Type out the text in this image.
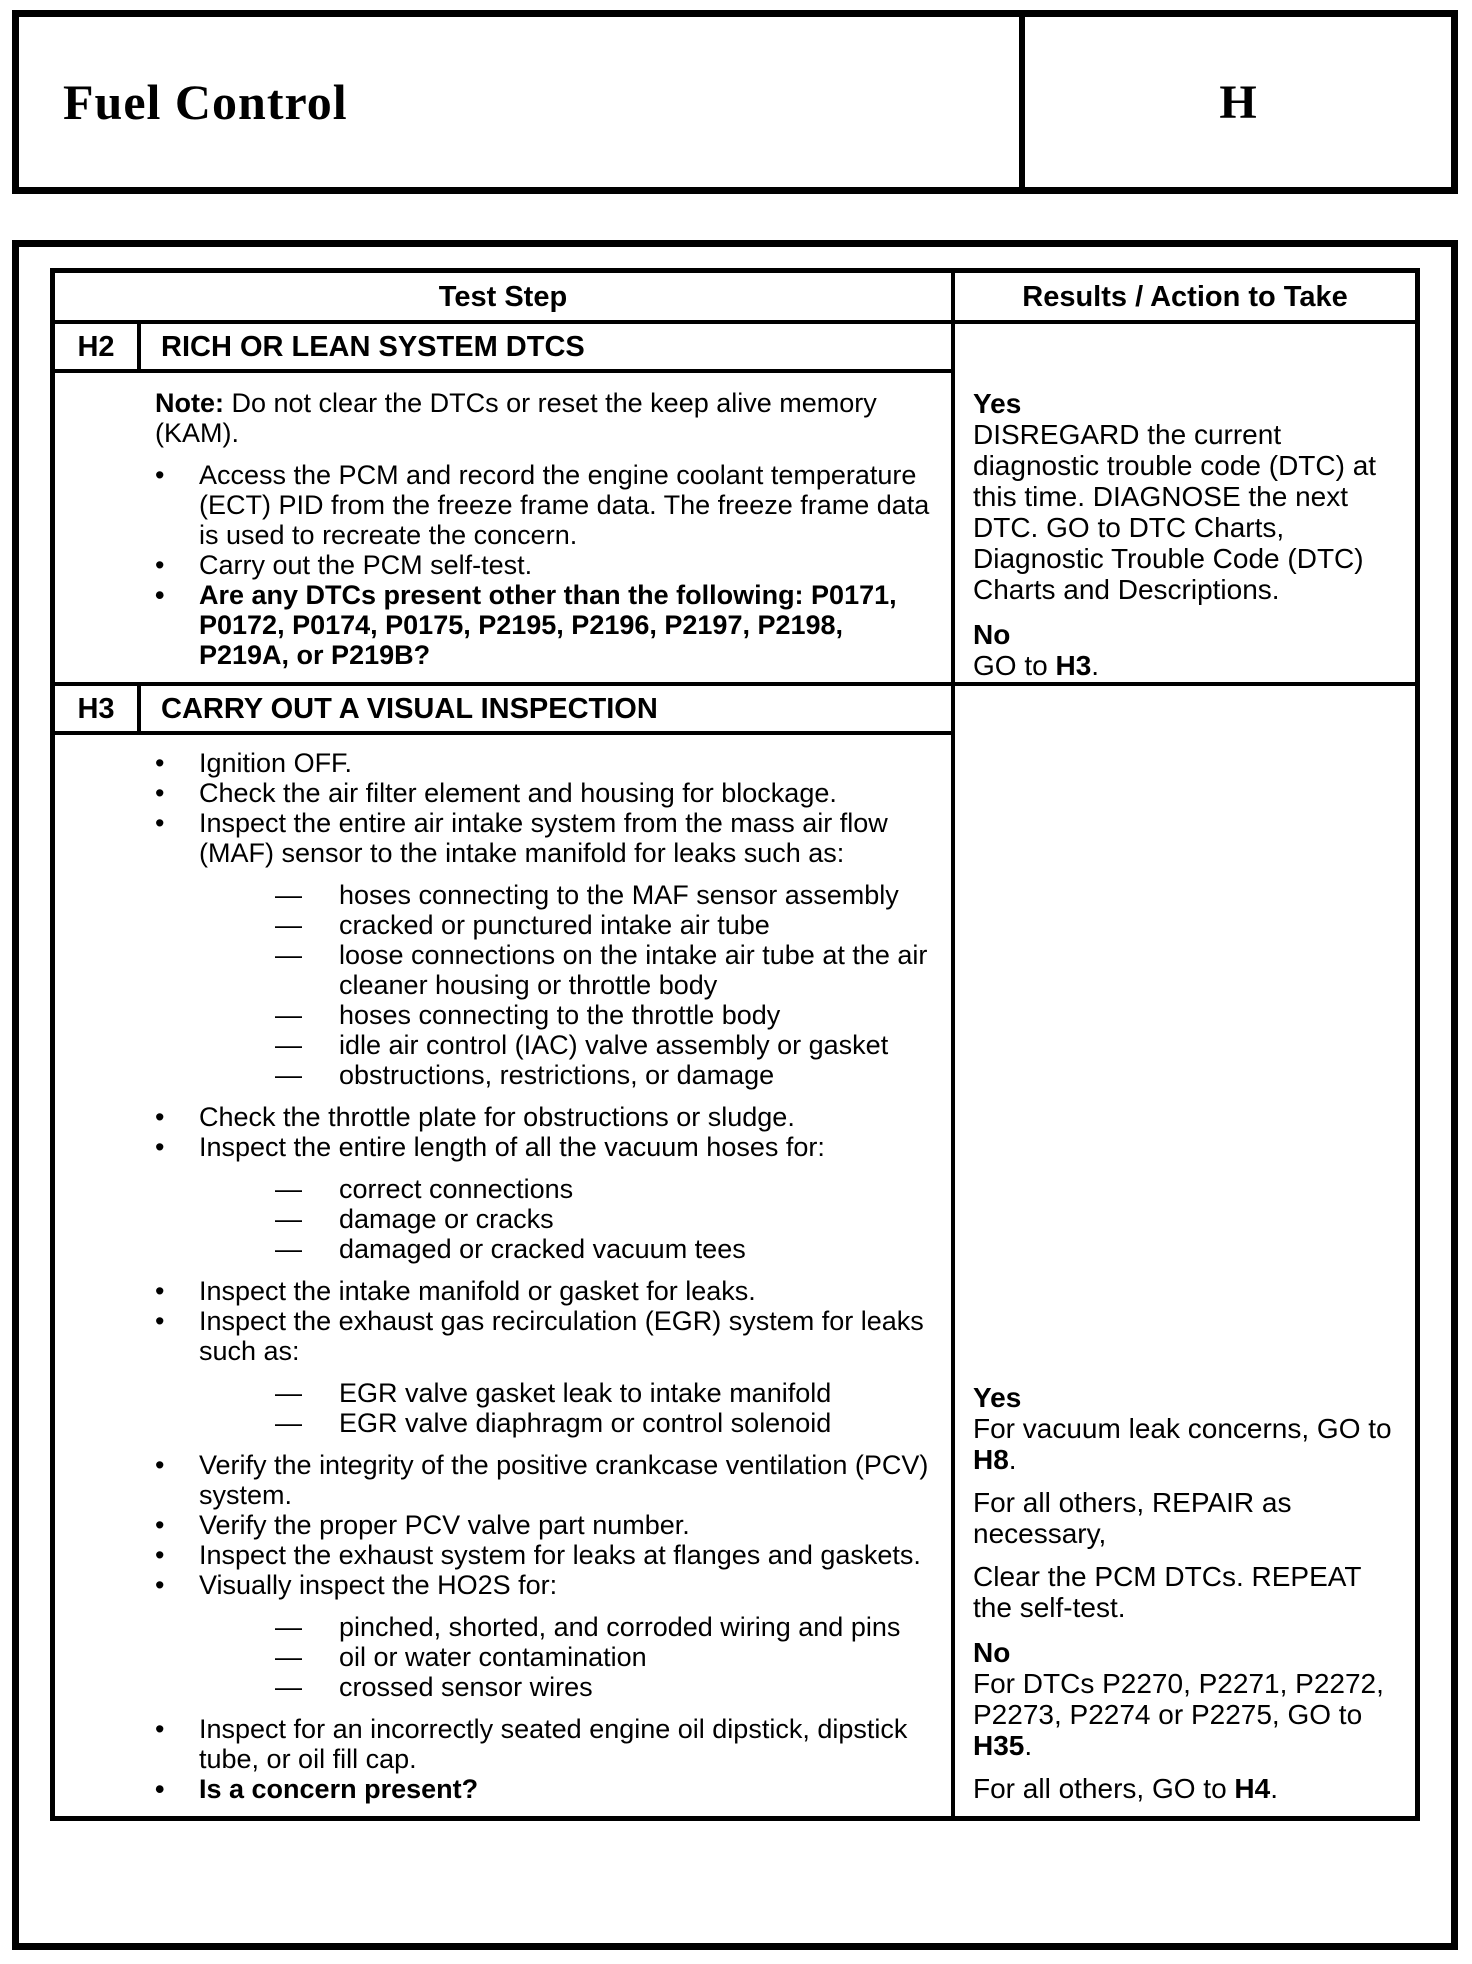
Fuel Control	H
Test Step	Results / Action to Take
H2	RICH OR LEAN SYSTEM DTCS

Note: Do not clear the DTCs or reset the keep alive memory (KAM).

•	Access the PCM and record the engine coolant temperature (ECT) PID from the freeze frame data. The freeze frame data is used to recreate the concern.
•	Carry out the PCM self-test.
•	Are any DTCs present other than the following: P0171, P0172, P0174, P0175, P2195, P2196, P2197, P2198, P219A, or P219B?

Yes

DISREGARD the current diagnostic trouble code (DTC) at this time. DIAGNOSE the next DTC. GO to DTC Charts, Diagnostic Trouble Code (DTC) Charts and Descriptions.

No

GO to H3.

H3	CARRY OUT A VISUAL INSPECTION
•	Ignition OFF.
•	Check the air filter element and housing for blockage.
•	Inspect the entire air intake system from the mass air flow (MAF) sensor to the intake manifold for leaks such as:
—	hoses connecting to the MAF sensor assembly
—	cracked or punctured intake air tube
—	loose connections on the intake air tube at the air cleaner housing or throttle body
—	hoses connecting to the throttle body
—	idle air control (IAC) valve assembly or gasket
—	obstructions, restrictions, or damage
•	Check the throttle plate for obstructions or sludge.
•	Inspect the entire length of all the vacuum hoses for:
—	correct connections
—	damage or cracks
—	damaged or cracked vacuum tees
•	Inspect the intake manifold or gasket for leaks.
•	Inspect the exhaust gas recirculation (EGR) system for leaks such as:
—	EGR valve gasket leak to intake manifold
—	EGR valve diaphragm or control solenoid
•	Verify the integrity of the positive crankcase ventilation (PCV) system.
•	Verify the proper PCV valve part number.
•	Inspect the exhaust system for leaks at flanges and gaskets.
•	Visually inspect the HO2S for:
—	pinched, shorted, and corroded wiring and pins
—	oil or water contamination
—	crossed sensor wires
•	Inspect for an incorrectly seated engine oil dipstick, dipstick tube, or oil fill cap.
•	Is a concern present?

Yes

For vacuum leak concerns, GO to H8.

For all others, REPAIR as necessary,

Clear the PCM DTCs. REPEAT the self-test.

No

For DTCs P2270, P2271, P2272, P2273, P2274 or P2275, GO to H35.

For all others, GO to H4.
